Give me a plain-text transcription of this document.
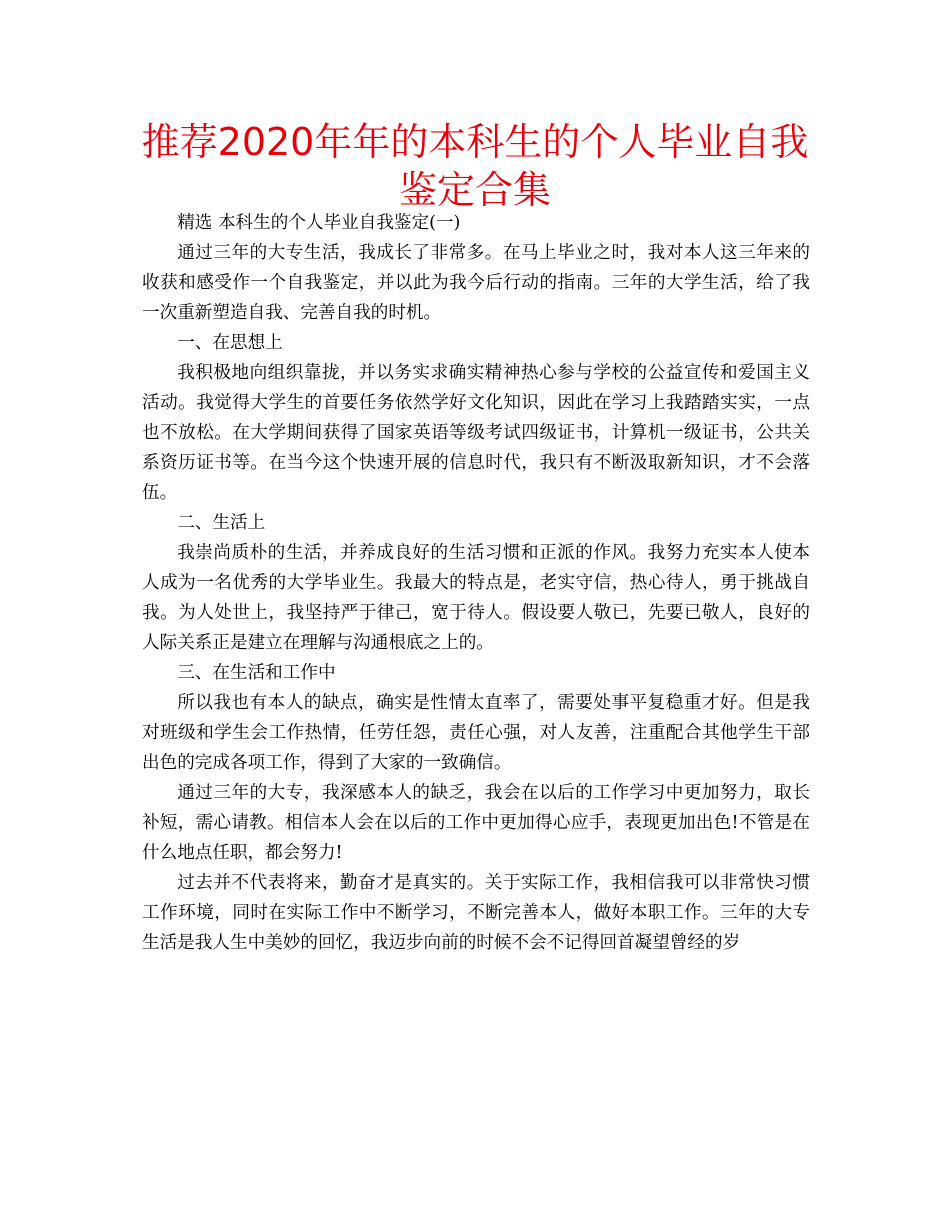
推荐2020年年的本科生的个人毕业自我鉴定合集

精选 本科生的个人毕业自我鉴定(一)

通过三年的大专生活，我成长了非常多。在马上毕业之时，我对本人这三年来的收获和感受作一个自我鉴定，并以此为我今后行动的指南。三年的大学生活，给了我一次重新塑造自我、完善自我的时机。

一、在思想上

我积极地向组织靠拢，并以务实求确实精神热心参与学校的公益宣传和爱国主义活动。我觉得大学生的首要任务依然学好文化知识，因此在学习上我踏踏实实，一点也不放松。在大学期间获得了国家英语等级考试四级证书，计算机一级证书，公共关系资历证书等。在当今这个快速开展的信息时代，我只有不断汲取新知识，才不会落伍。

二、生活上

我崇尚质朴的生活，并养成良好的生活习惯和正派的作风。我努力充实本人使本人成为一名优秀的大学毕业生。我最大的特点是，老实守信，热心待人，勇于挑战自我。为人处世上，我坚持严于律己，宽于待人。假设要人敬已，先要已敬人，良好的人际关系正是建立在理解与沟通根底之上的。

三、在生活和工作中

所以我也有本人的缺点，确实是性情太直率了，需要处事平复稳重才好。但是我对班级和学生会工作热情，任劳任怨，责任心强，对人友善，注重配合其他学生干部出色的完成各项工作，得到了大家的一致确信。

通过三年的大专，我深感本人的缺乏，我会在以后的工作学习中更加努力，取长补短，需心请教。相信本人会在以后的工作中更加得心应手，表现更加出色!不管是在什么地点任职，都会努力!

过去并不代表将来，勤奋才是真实的。关于实际工作，我相信我可以非常快习惯工作环境，同时在实际工作中不断学习，不断完善本人，做好本职工作。三年的大专生活是我人生中美妙的回忆，我迈步向前的时候不会不记得回首凝望曾经的岁
